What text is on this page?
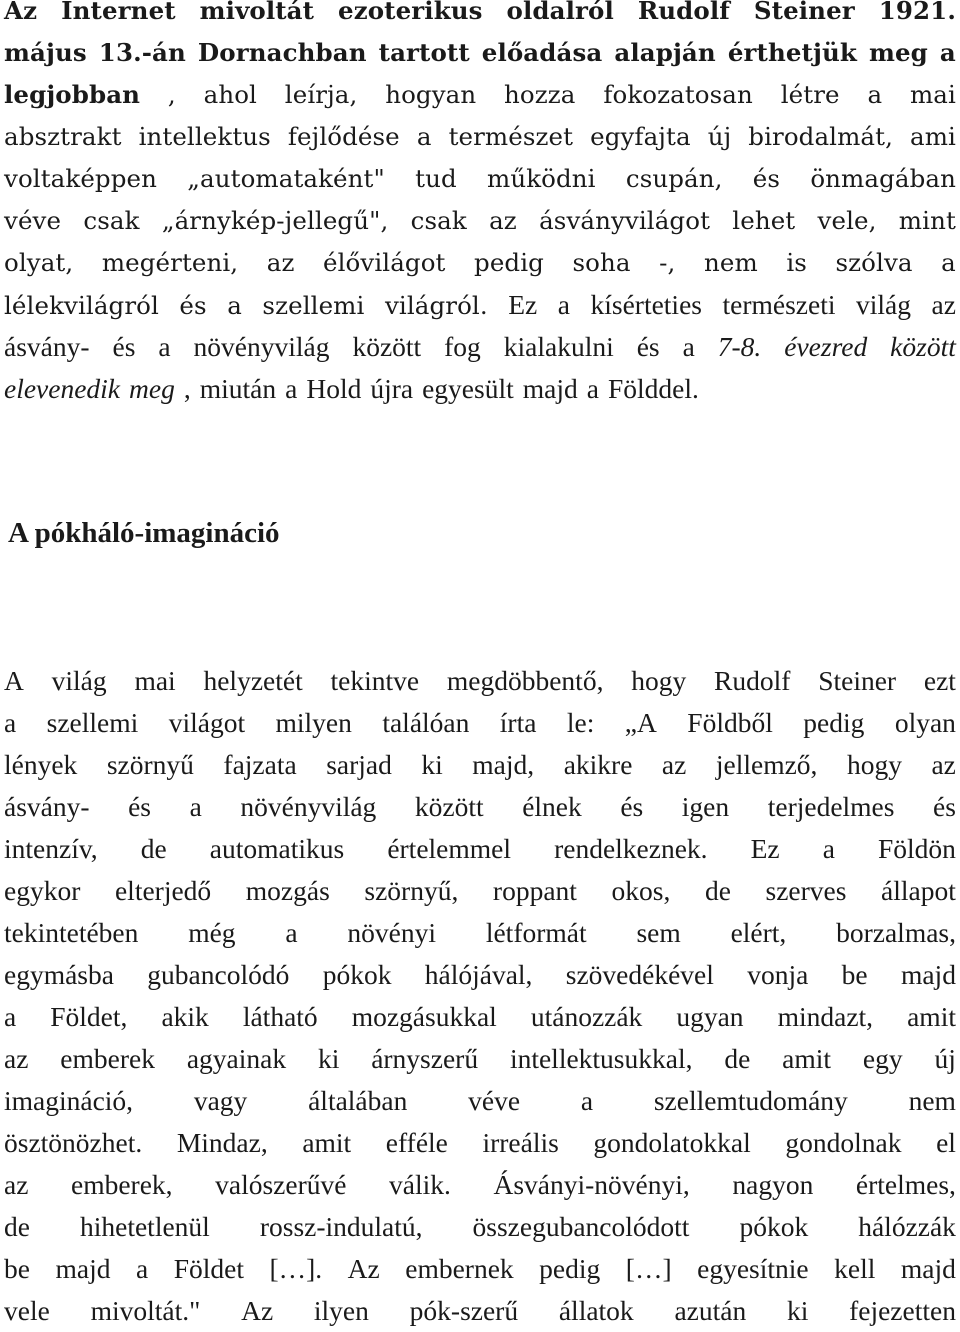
Az Internet mivoltát ezoterikus oldalról Rudolf Steiner 1921.
május 13.-án Dornachban tartott előadása alapján érthetjük meg a
legjobban , ahol leírja, hogyan hozza fokozatosan létre a mai
absztrakt intellektus fejlődése a természet egyfajta új birodalmát, ami
voltaképpen „automataként" tud működni csupán, és önmagában
véve csak „árnykép-jellegű", csak az ásványvilágot lehet vele, mint
olyat, megérteni, az élővilágot pedig soha -, nem is szólva a
lélekvilágról és a szellemi világról. Ez a kísérteties természeti világ az
ásvány- és a növényvilág között fog kialakulni és a 7-8. évezred között
elevenedik meg , miután a Hold újra egyesült majd a Földdel.
A pókháló-imagináció
A világ mai helyzetét tekintve megdöbbentő, hogy Rudolf Steiner ezt
a szellemi világot milyen találóan írta le: „A Földből pedig olyan
lények szörnyű fajzata sarjad ki majd, akikre az jellemző, hogy az
ásvány- és a növényvilág között élnek és igen terjedelmes és
intenzív, de automatikus értelemmel rendelkeznek. Ez a Földön
egykor elterjedő mozgás szörnyű, roppant okos, de szerves állapot
tekintetében még a növényi létformát sem elért, borzalmas,
egymásba gubancolódó pókok hálójával, szövedékével vonja be majd
a Földet, akik látható mozgásukkal utánozzák ugyan mindazt, amit
az emberek agyainak ki árnyszerű intellektusukkal, de amit egy új
imagináció, vagy általában véve a szellemtudomány nem
ösztönözhet. Mindaz, amit efféle irreális gondolatokkal gondolnak el
az emberek, valószerűvé válik. Ásványi-növényi, nagyon értelmes,
de hihetetlenül rossz-indulatú, összegubancolódott pókok hálózzák
be majd a Földet […]. Az embernek pedig […] egyesítnie kell majd
vele mivoltát." Az ilyen pók-szerű állatok azután ki fejezetten
